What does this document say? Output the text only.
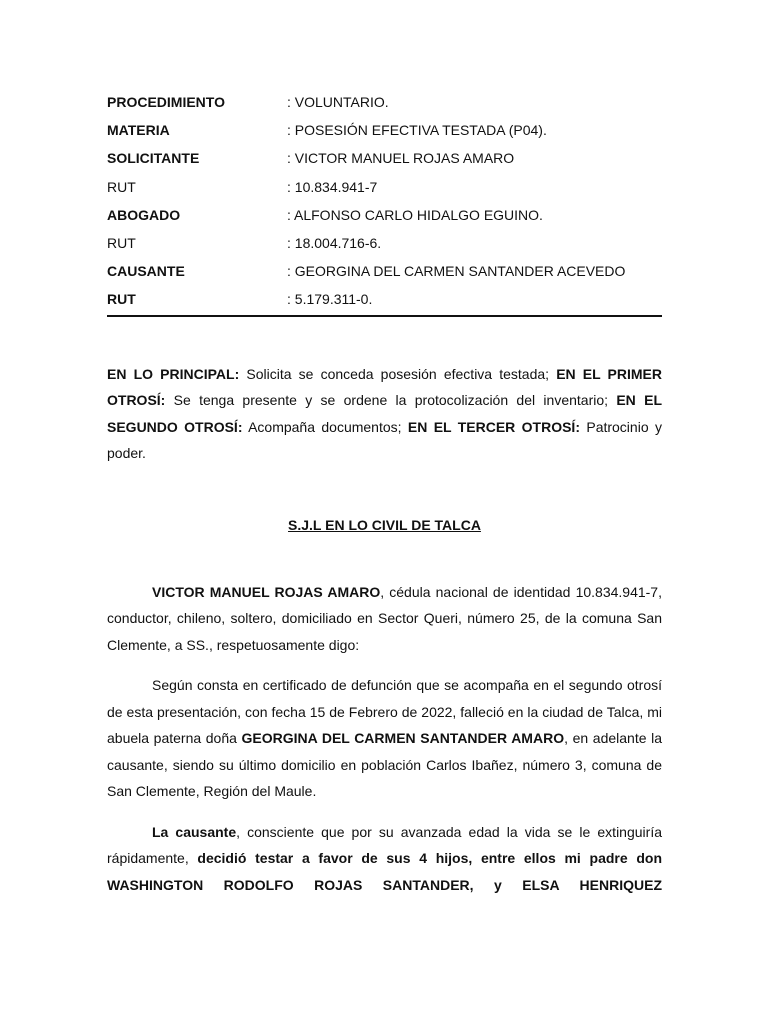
PROCEDIMIENTO	: VOLUNTARIO.
MATERIA	: POSESIÓN EFECTIVA TESTADA (P04).
SOLICITANTE	: VICTOR MANUEL ROJAS AMARO
RUT	: 10.834.941-7
ABOGADO	: ALFONSO CARLO HIDALGO EGUINO.
RUT	: 18.004.716-6.
CAUSANTE	: GEORGINA DEL CARMEN SANTANDER ACEVEDO
RUT	: 5.179.311-0.
EN LO PRINCIPAL: Solicita se conceda posesión efectiva testada; EN EL PRIMER OTROSÍ: Se tenga presente y se ordene la protocolización del inventario; EN EL SEGUNDO OTROSÍ: Acompaña documentos; EN EL TERCER OTROSÍ: Patrocinio y poder.
S.J.L EN LO CIVIL DE TALCA

VICTOR MANUEL ROJAS AMARO, cédula nacional de identidad 10.834.941-7, conductor, chileno, soltero, domiciliado en Sector Queri, número 25, de la comuna San Clemente, a SS., respetuosamente digo:

Según consta en certificado de defunción que se acompaña en el segundo otrosí de esta presentación, con fecha 15 de Febrero de 2022, falleció en la ciudad de Talca, mi abuela paterna doña GEORGINA DEL CARMEN SANTANDER AMARO, en adelante la causante, siendo su último domicilio en población Carlos Ibañez, número 3, comuna de San Clemente, Región del Maule.

La causante, consciente que por su avanzada edad la vida se le extinguiría rápidamente, decidió testar a favor de sus 4 hijos, entre ellos mi padre don WASHINGTON RODOLFO ROJAS SANTANDER, y ELSA HENRIQUEZ
